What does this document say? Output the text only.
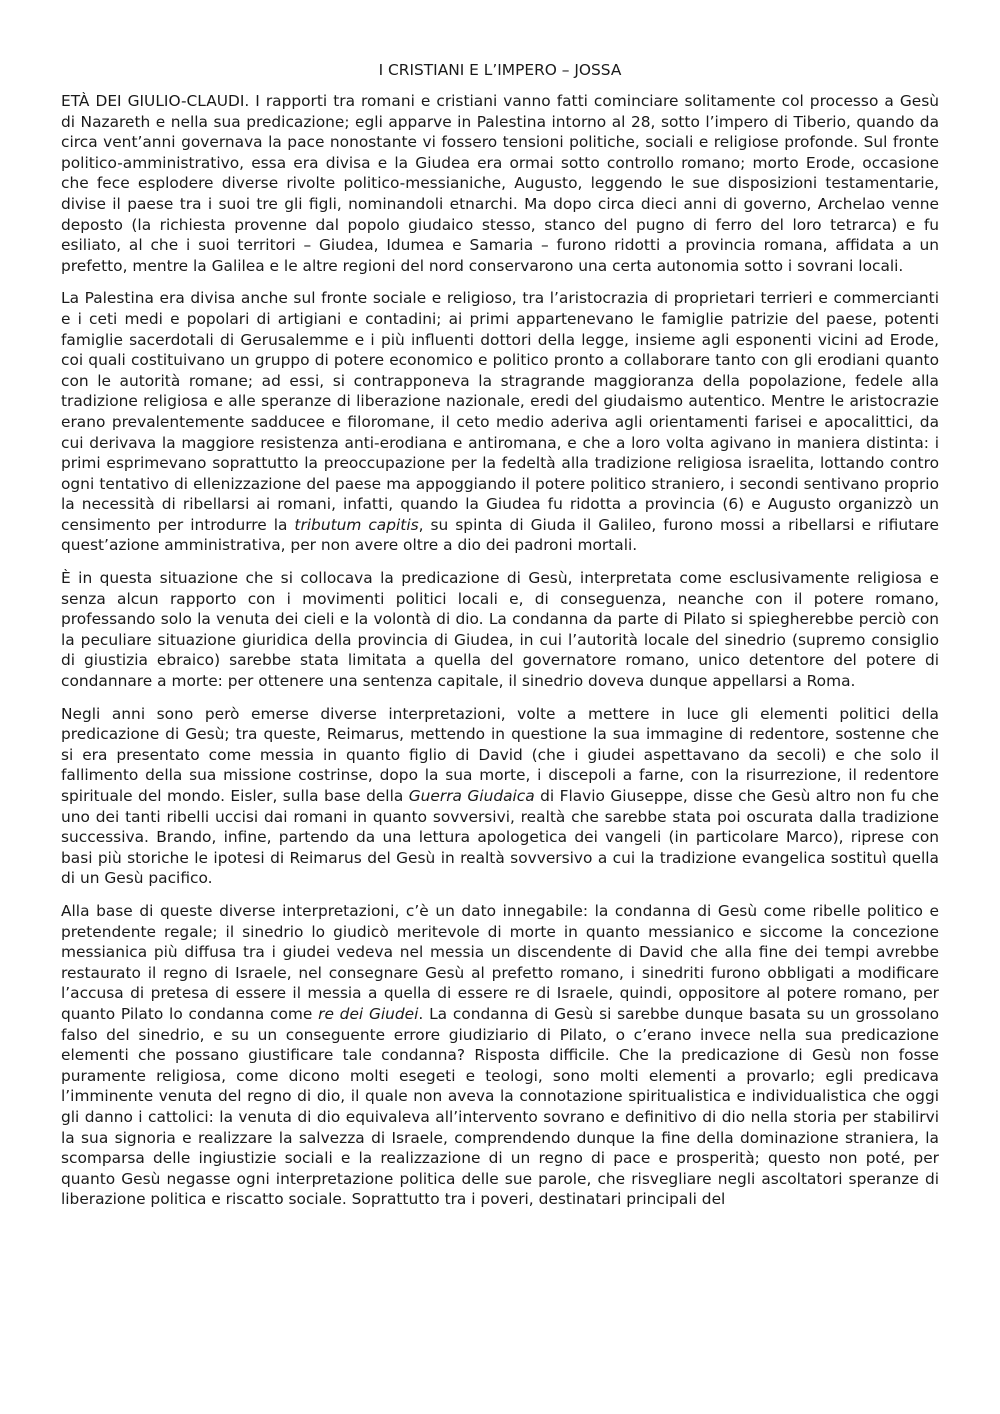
I CRISTIANI E L’IMPERO – JOSSA

ETÀ DEI GIULIO-CLAUDI. I rapporti tra romani e cristiani vanno fatti cominciare solitamente col processo a Gesù di Nazareth e nella sua predicazione; egli apparve in Palestina intorno al 28, sotto l’impero di Tiberio, quando da circa vent’anni governava la pace nonostante vi fossero tensioni politiche, sociali e religiose profonde. Sul fronte politico-amministrativo, essa era divisa e la Giudea era ormai sotto controllo romano; morto Erode, occasione che fece esplodere diverse rivolte politico-messianiche, Augusto, leggendo le sue disposizioni testamentarie, divise il paese tra i suoi tre gli figli, nominandoli etnarchi. Ma dopo circa dieci anni di governo, Archelao venne deposto (la richiesta provenne dal popolo giudaico stesso, stanco del pugno di ferro del loro tetrarca) e fu esiliato, al che i suoi territori – Giudea, Idumea e Samaria – furono ridotti a provincia romana, affidata a un prefetto, mentre la Galilea e le altre regioni del nord conservarono una certa autonomia sotto i sovrani locali.

La Palestina era divisa anche sul fronte sociale e religioso, tra l’aristocrazia di proprietari terrieri e commercianti e i ceti medi e popolari di artigiani e contadini; ai primi appartenevano le famiglie patrizie del paese, potenti famiglie sacerdotali di Gerusalemme e i più influenti dottori della legge, insieme agli esponenti vicini ad Erode, coi quali costituivano un gruppo di potere economico e politico pronto a collaborare tanto con gli erodiani quanto con le autorità romane; ad essi, si contrapponeva la stragrande maggioranza della popolazione, fedele alla tradizione religiosa e alle speranze di liberazione nazionale, eredi del giudaismo autentico. Mentre le aristocrazie erano prevalentemente sadducee e filoromane, il ceto medio aderiva agli orientamenti farisei e apocalittici, da cui derivava la maggiore resistenza anti-erodiana e antiromana, e che a loro volta agivano in maniera distinta: i primi esprimevano soprattutto la preoccupazione per la fedeltà alla tradizione religiosa israelita, lottando contro ogni tentativo di ellenizzazione del paese ma appoggiando il potere politico straniero, i secondi sentivano proprio la necessità di ribellarsi ai romani, infatti, quando la Giudea fu ridotta a provincia (6) e Augusto organizzò un censimento per introdurre la tributum capitis, su spinta di Giuda il Galileo, furono mossi a ribellarsi e rifiutare quest’azione amministrativa, per non avere oltre a dio dei padroni mortali.

È in questa situazione che si collocava la predicazione di Gesù, interpretata come esclusivamente religiosa e senza alcun rapporto con i movimenti politici locali e, di conseguenza, neanche con il potere romano, professando solo la venuta dei cieli e la volontà di dio. La condanna da parte di Pilato si spiegherebbe perciò con la peculiare situazione giuridica della provincia di Giudea, in cui l’autorità locale del sinedrio (supremo consiglio di giustizia ebraico) sarebbe stata limitata a quella del governatore romano, unico detentore del potere di condannare a morte: per ottenere una sentenza capitale, il sinedrio doveva dunque appellarsi a Roma.

Negli anni sono però emerse diverse interpretazioni, volte a mettere in luce gli elementi politici della predicazione di Gesù; tra queste, Reimarus, mettendo in questione la sua immagine di redentore, sostenne che si era presentato come messia in quanto figlio di David (che i giudei aspettavano da secoli) e che solo il fallimento della sua missione costrinse, dopo la sua morte, i discepoli a farne, con la risurrezione, il redentore spirituale del mondo. Eisler, sulla base della Guerra Giudaica di Flavio Giuseppe, disse che Gesù altro non fu che uno dei tanti ribelli uccisi dai romani in quanto sovversivi, realtà che sarebbe stata poi oscurata dalla tradizione successiva. Brando, infine, partendo da una lettura apologetica dei vangeli (in particolare Marco), riprese con basi più storiche le ipotesi di Reimarus del Gesù in realtà sovversivo a cui la tradizione evangelica sostituì quella di un Gesù pacifico.

Alla base di queste diverse interpretazioni, c’è un dato innegabile: la condanna di Gesù come ribelle politico e pretendente regale; il sinedrio lo giudicò meritevole di morte in quanto messianico e siccome la concezione messianica più diffusa tra i giudei vedeva nel messia un discendente di David che alla fine dei tempi avrebbe restaurato il regno di Israele, nel consegnare Gesù al prefetto romano, i sinedriti furono obbligati a modificare l’accusa di pretesa di essere il messia a quella di essere re di Israele, quindi, oppositore al potere romano, per quanto Pilato lo condanna come re dei Giudei. La condanna di Gesù si sarebbe dunque basata su un grossolano falso del sinedrio, e su un conseguente errore giudiziario di Pilato, o c’erano invece nella sua predicazione elementi che possano giustificare tale condanna? Risposta difficile. Che la predicazione di Gesù non fosse puramente religiosa, come dicono molti esegeti e teologi, sono molti elementi a provarlo; egli predicava l’imminente venuta del regno di dio, il quale non aveva la connotazione spiritualistica e individualistica che oggi gli danno i cattolici: la venuta di dio equivaleva all’intervento sovrano e definitivo di dio nella storia per stabilirvi la sua signoria e realizzare la salvezza di Israele, comprendendo dunque la fine della dominazione straniera, la scomparsa delle ingiustizie sociali e la realizzazione di un regno di pace e prosperità; questo non poté, per quanto Gesù negasse ogni interpretazione politica delle sue parole, che risvegliare negli ascoltatori speranze di liberazione politica e riscatto sociale. Soprattutto tra i poveri, destinatari principali del
